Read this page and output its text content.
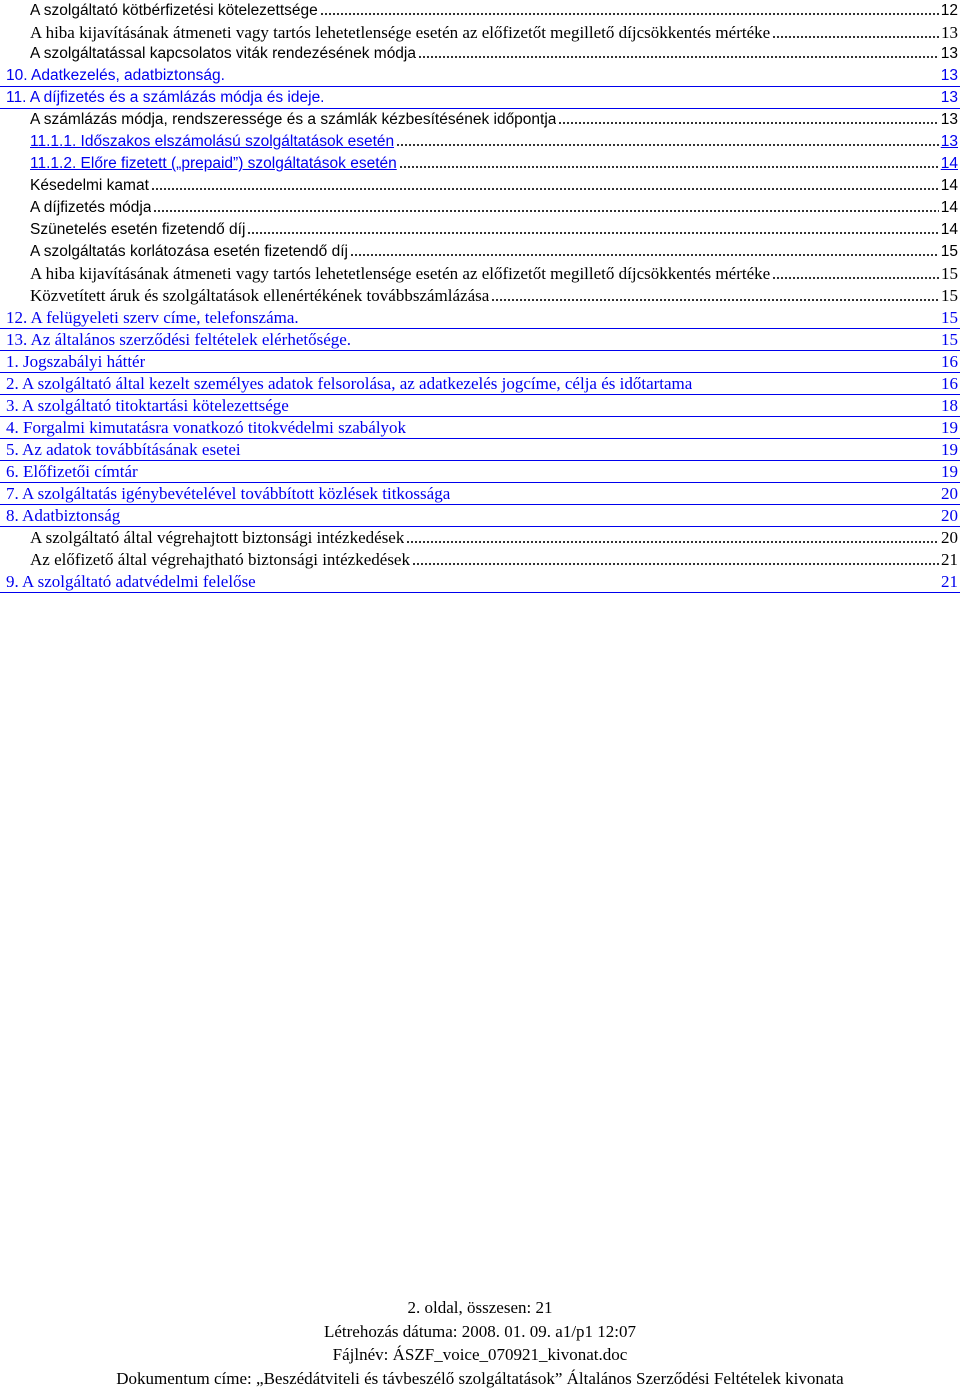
A szolgáltató kötbérfizetési kötelezettsége	12
A hiba kijavításának átmeneti vagy tartós lehetetlensége esetén az előfizetőt megillető díjcsökkentés mértéke	13
A szolgáltatással kapcsolatos viták rendezésének módja	13
10. Adatkezelés, adatbiztonság.	13
11. A díjfizetés és a számlázás módja és ideje.	13
A számlázás módja, rendszeressége és a számlák kézbesítésének időpontja	13
11.1.1. Időszakos elszámolású szolgáltatások esetén	13
11.1.2. Előre fizetett („prepaid”) szolgáltatások esetén	14
Késedelmi kamat	14
A díjfizetés módja	14
Szünetelés esetén fizetendő díj	14
A szolgáltatás korlátozása esetén fizetendő díj	15
A hiba kijavításának átmeneti vagy tartós lehetetlensége esetén az előfizetőt megillető díjcsökkentés mértéke	15
Közvetített áruk és szolgáltatások ellenértékének továbbszámlázása	15
12. A felügyeleti szerv címe, telefonszáma.	15
13. Az általános szerződési feltételek elérhetősége.	15
1. Jogszabályi háttér	16
2. A szolgáltató által kezelt személyes adatok felsorolása, az adatkezelés jogcíme, célja és időtartama	16
3. A szolgáltató titoktartási kötelezettsége	18
4. Forgalmi kimutatásra vonatkozó titokvédelmi szabályok	19
5. Az adatok továbbításának esetei	19
6. Előfizetői címtár	19
7. A szolgáltatás igénybevételével továbbított közlések titkossága	20
8. Adatbiztonság	20
A szolgáltató által végrehajtott biztonsági intézkedések	20
Az előfizető által végrehajtható biztonsági intézkedések	21
9. A szolgáltató adatvédelmi felelőse	21
2. oldal, összesen: 21
Létrehozás dátuma: 2008. 01. 09. a1/p1 12:07
Fájlnév: ÁSZF_voice_070921_kivonat.doc
Dokumentum címe: „Beszédátviteli és távbeszélő szolgáltatások” Általános Szerződési Feltételek kivonata
